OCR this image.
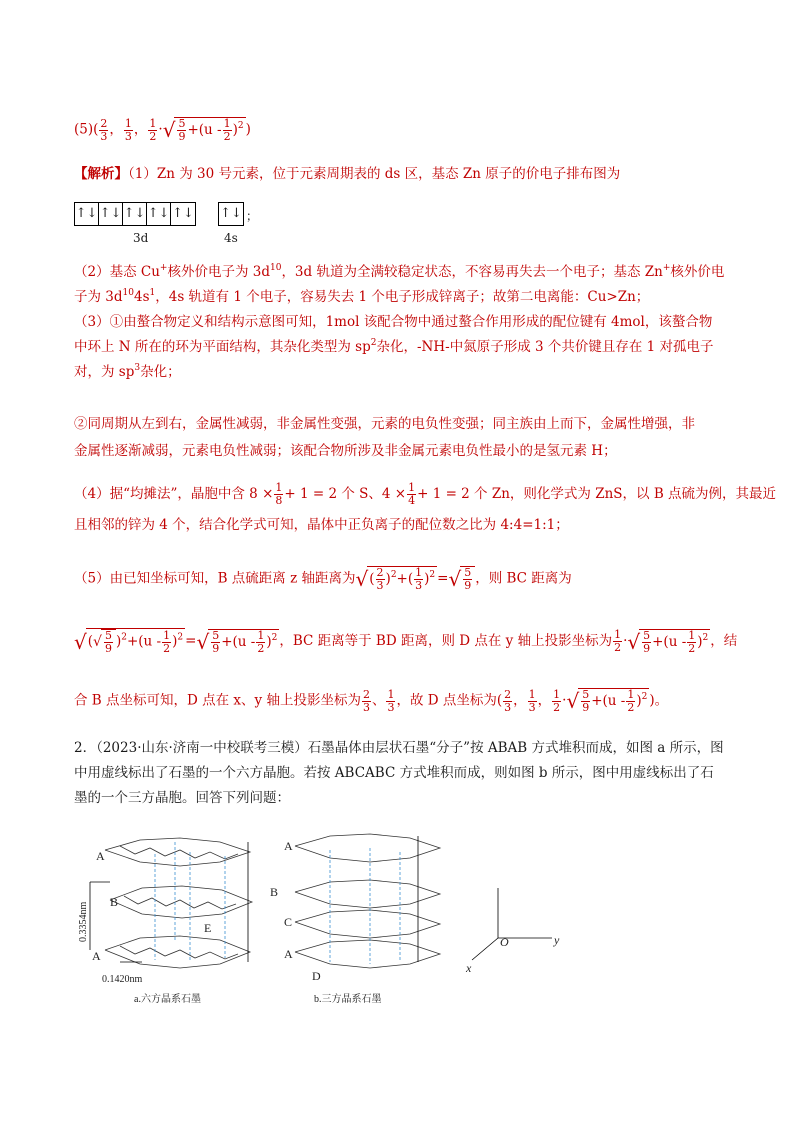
$(5)( \frac{2}{3}$ ， $\frac{1}{3}$ ， $\frac{1}{2}$ ·√ $\frac{5}{9} +(u - \frac{1}{2} )^2$ )
【解析】（1）Zn 为 30 号元素，位于元素周期表的 ds 区，基态 Zn 原子的价电子排布图为
↑↓ ↑↓ ↑↓ ↑↓ ↑↓
3d
↑↓
4s
；
（2）基态 Cu+核外价电子为 $3d^{10}$，3d 轨道为全满较稳定状态，不容易再失去一个电子；基态 Zn+核外价电
子为 $3d^{10}4s^1$，4s 轨道有 1 个电子，容易失去 1 个电子形成锌离子；故第二电离能：Cu>Zn；
（3）①由螯合物定义和结构示意图可知，1mol 该配合物中通过螯合作用形成的配位键有 4mol，该螯合物
中环上 N 所在的环为平面结构，其杂化类型为 $sp^2$杂化，-NH-中氮原子形成 3 个共价键且存在 1 对孤电子
对，为 $sp^3$杂化；
②同周期从左到右，金属性减弱，非金属性变强，元素的电负性变强；同主族由上而下，金属性增强，非
金属性逐渐减弱，元素电负性减弱；该配合物所涉及非金属元素电负性最小的是氢元素 H；
（4）据“均摊法”，晶胞中含 $8 \times \frac{1}{8} + 1 = 2$ 个 S、$4 \times \frac{1}{4} + 1 = 2$ 个 Zn，则化学式为 ZnS，以 B 点硫为例，其最近
且相邻的锌为 4 个，结合化学式可知，晶体中正负离子的配位数之比为 4:4=1:1；
（5）由已知坐标可知，B 点硫距离 z 轴距离为√( $\frac{2}{3} )^2+( \frac{1}{3} )^2$ =√ $\frac{5}{9}$ ，则 BC 距离为
√(√ $\frac{5}{9} )^2+(u - \frac{1}{2} )^2$ =√ $\frac{5}{9} +(u - \frac{1}{2} )^2$ ，BC 距离等于 BD 距离，则 D 点在 y 轴上投影坐标为 $\frac{1}{2}$ ·√ $\frac{5}{9} +(u - \frac{1}{2} )^2$ ，结
合 B 点坐标可知，D 点在 x、y 轴上投影坐标为 $\frac{2}{3}$ 、 $\frac{1}{3}$ ，故 D 点坐标为( $\frac{2}{3}$ ， $\frac{1}{3}$ ， $\frac{1}{2}$ ·√ $\frac{5}{9} +(u - \frac{1}{2} )^2$ )。
2．（2023·山东·济南一中校联考三模）石墨晶体由层状石墨“分子”按 ABAB 方式堆积而成，如图 a 所示，图
中用虚线标出了石墨的一个六方晶胞。若按 ABCABC 方式堆积而成，则如图 b 所示，图中用虚线标出了石
墨的一个三方晶胞。回答下列问题：
A
B
A
E
0.3354nm
0.1420nm
a.六方晶系石墨
A
B
C
A
D
b.三方晶系石墨
O	y
x
